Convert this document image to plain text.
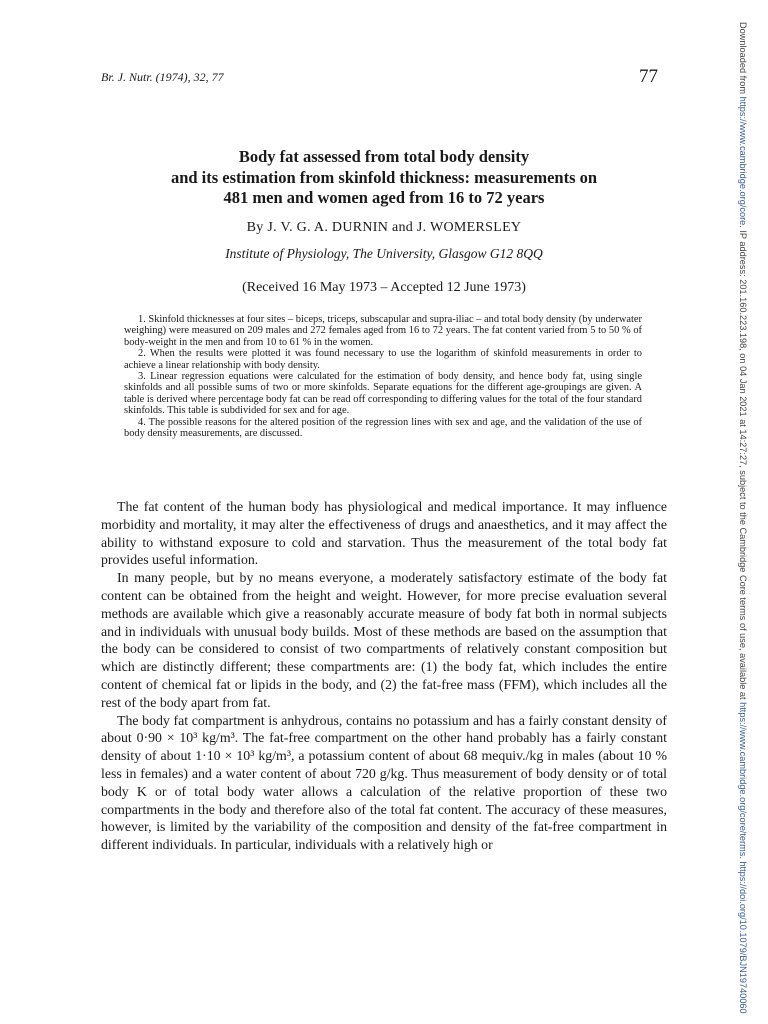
Br. J. Nutr. (1974), 32, 77	77
Body fat assessed from total body density
and its estimation from skinfold thickness: measurements on
481 men and women aged from 16 to 72 years
By J. V. G. A. DURNIN and J. WOMERSLEY
Institute of Physiology, The University, Glasgow G12 8QQ
(Received 16 May 1973 – Accepted 12 June 1973)

1. Skinfold thicknesses at four sites – biceps, triceps, subscapular and supra-iliac – and total body density (by underwater weighing) were measured on 209 males and 272 females aged from 16 to 72 years. The fat content varied from 5 to 50 % of body-weight in the men and from 10 to 61 % in the women.

2. When the results were plotted it was found necessary to use the logarithm of skinfold measurements in order to achieve a linear relationship with body density.

3. Linear regression equations were calculated for the estimation of body density, and hence body fat, using single skinfolds and all possible sums of two or more skinfolds. Separate equations for the different age-groupings are given. A table is derived where percentage body fat can be read off corresponding to differing values for the total of the four standard skinfolds. This table is subdivided for sex and for age.

4. The possible reasons for the altered position of the regression lines with sex and age, and the validation of the use of body density measurements, are discussed.

The fat content of the human body has physiological and medical importance. It may influence morbidity and mortality, it may alter the effectiveness of drugs and anaesthetics, and it may affect the ability to withstand exposure to cold and starvation. Thus the measurement of the total body fat provides useful information.

In many people, but by no means everyone, a moderately satisfactory estimate of the body fat content can be obtained from the height and weight. However, for more precise evaluation several methods are available which give a reasonably accurate measure of body fat both in normal subjects and in individuals with unusual body builds. Most of these methods are based on the assumption that the body can be considered to consist of two compartments of relatively constant composition but which are distinctly different; these compartments are: (1) the body fat, which includes the entire content of chemical fat or lipids in the body, and (2) the fat-free mass (FFM), which includes all the rest of the body apart from fat.

The body fat compartment is anhydrous, contains no potassium and has a fairly constant density of about 0·90 × 10³ kg/m³. The fat-free compartment on the other hand probably has a fairly constant density of about 1·10 × 10³ kg/m³, a potassium content of about 68 mequiv./kg in males (about 10 % less in females) and a water content of about 720 g/kg. Thus measurement of body density or of total body K or of total body water allows a calculation of the relative proportion of these two compartments in the body and therefore also of the total fat content. The accuracy of these measures, however, is limited by the variability of the composition and density of the fat-free compartment in different individuals. In particular, individuals with a relatively high or

Downloaded from https://www.cambridge.org/core. IP address: 201.160.223.198, on 04 Jan 2021 at 14:27:27, subject to the Cambridge Core terms of use, available at https://www.cambridge.org/core/terms. https://doi.org/10.1079/BJN19740060
